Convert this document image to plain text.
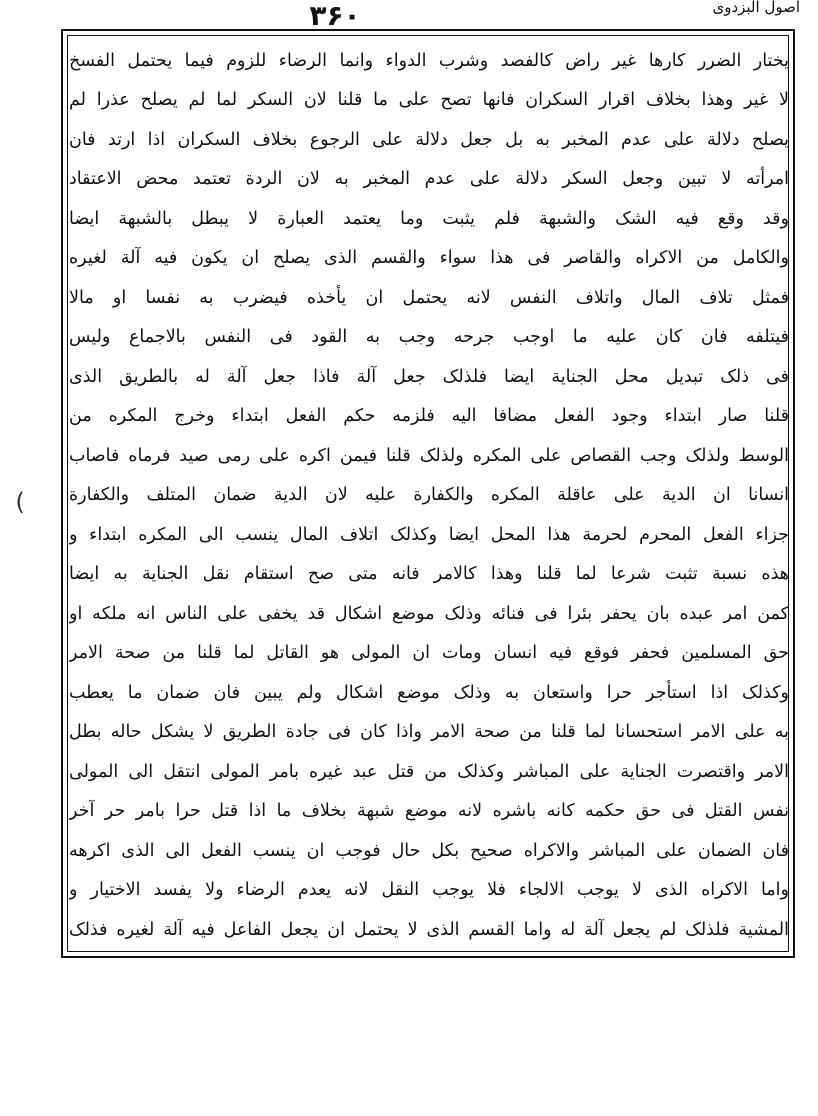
اصول البزدوی
۳۶۰
(
یختار الضرر کارها غیر راض کالفصد وشرب الدواء وانما الرضاء للزوم فیما یحتمل الفسخ
لا غیر وهذا بخلاف اقرار السکران فانها تصح علی ما قلنا لان السکر لما لم یصلح عذرا لم
یصلح دلالة علی عدم المخبر به بل جعل دلالة علی الرجوع بخلاف السکران اذا ارتد فان
امرأته لا تبین وجعل السکر دلالة علی عدم المخبر به لان الردة تعتمد محض الاعتقاد
وقد وقع فیه الشک والشبهة فلم یثبت وما یعتمد العبارة لا یبطل بالشبهة ایضا
والکامل من الاکراه والقاصر فی هذا سواء والقسم الذی یصلح ان یکون فیه آلة لغیره
فمثل تلاف المال واتلاف النفس لانه یحتمل ان یأخذه فیضرب به نفسا او مالا
فیتلفه فان کان علیه ما اوجب جرحه وجب به القود فی النفس بالاجماع ولیس
فی ذلک تبدیل محل الجنایة ایضا فلذلک جعل آلة فاذا جعل آلة له بالطریق الذی
قلنا صار ابتداء وجود الفعل مضافا الیه فلزمه حکم الفعل ابتداء وخرج المکره من
الوسط ولذلک وجب القصاص علی المکره ولذلک قلنا فیمن اکره علی رمی صید فرماه فاصاب
انسانا ان الدیة علی عاقلة المکره والکفارة علیه لان الدیة ضمان المتلف والکفارة
جزاء الفعل المحرم لحرمة هذا المحل ایضا وکذلک اتلاف المال ینسب الی المکره ابتداء و
هذه نسبة تثبت شرعا لما قلنا وهذا کالامر فانه متی صح استقام نقل الجنایة به ایضا
کمن امر عبده بان یحفر بئرا فی فنائه وذلک موضع اشکال قد یخفی علی الناس انه ملکه او
حق المسلمین فحفر فوقع فیه انسان ومات ان المولی هو القاتل لما قلنا من صحة الامر
وکذلک اذا استأجر حرا واستعان به وذلک موضع اشکال ولم یبین فان ضمان ما یعطب
به علی الامر استحسانا لما قلنا من صحة الامر واذا کان فی جادة الطریق لا یشکل حاله بطل
الامر واقتصرت الجنایة علی المباشر وکذلک من قتل عبد غیره بامر المولی انتقل الی المولی
نفس القتل فی حق حکمه کانه باشره لانه موضع شبهة بخلاف ما اذا قتل حرا بامر حر آخر
فان الضمان علی المباشر والاکراه صحیح بکل حال فوجب ان ینسب الفعل الی الذی اکرهه
واما الاکراه الذی لا یوجب الالجاء فلا یوجب النقل لانه یعدم الرضاء ولا یفسد الاختیار و
المشیة فلذلک لم یجعل آلة له واما القسم الذی لا یحتمل ان یجعل الفاعل فیه آلة لغیره فذلک
